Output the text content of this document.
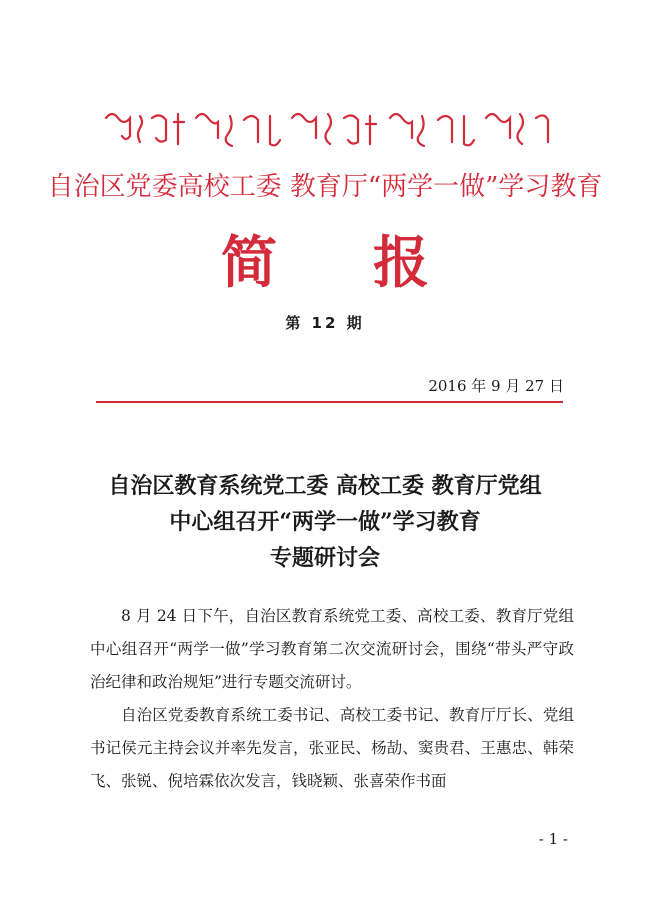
自治区党委高校工委 教育厅“两学一做”学习教育
简报
第 12 期
2016 年 9 月 27 日
自治区教育系统党工委 高校工委 教育厅党组
中心组召开“两学一做”学习教育
专题研讨会

8 月 24 日下午，自治区教育系统党工委、高校工委、教育厅党组中心组召开“两学一做”学习教育第二次交流研讨会，围绕“带头严守政治纪律和政治规矩”进行专题交流研讨。

自治区党委教育系统工委书记、高校工委书记、教育厅厅长、党组书记侯元主持会议并率先发言，张亚民、杨劼、窦贵君、王惠忠、韩荣飞、张锐、倪培霖依次发言，钱晓颖、张喜荣作书面

- 1 -
